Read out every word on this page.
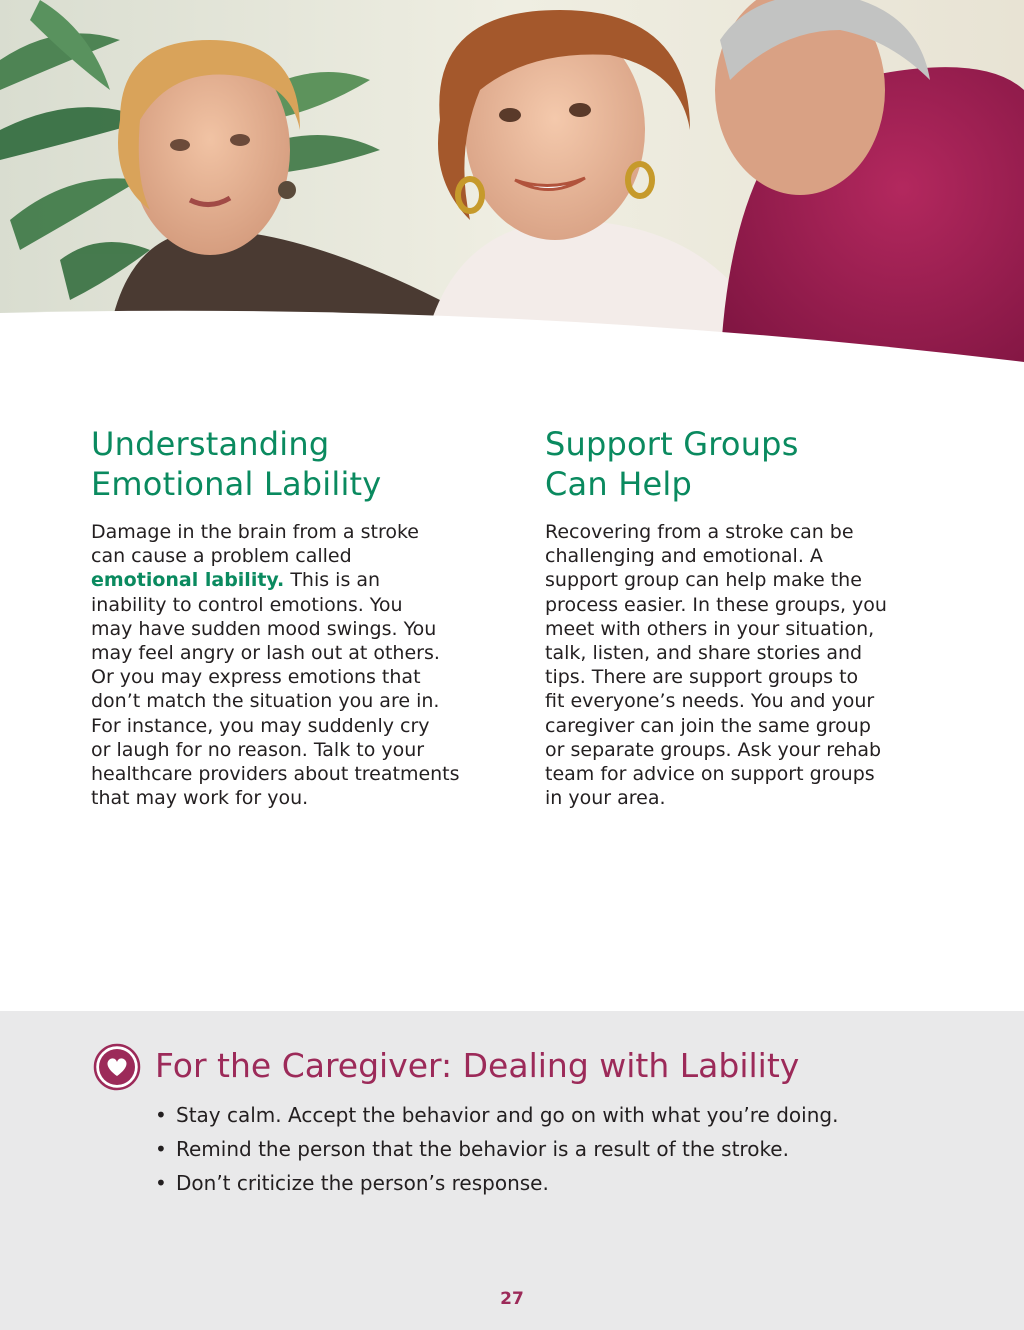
Understanding
Emotional Lability
Damage in the brain from a stroke
can cause a problem called
emotional lability. This is an
inability to control emotions. You
may have sudden mood swings. You
may feel angry or lash out at others.
Or you may express emotions that
don’t match the situation you are in.
For instance, you may suddenly cry
or laugh for no reason. Talk to your
healthcare providers about treatments
that may work for you.
Support Groups
Can Help
Recovering from a stroke can be
challenging and emotional. A
support group can help make the
process easier. In these groups, you
meet with others in your situation,
talk, listen, and share stories and
tips. There are support groups to
fit everyone’s needs. You and your
caregiver can join the same group
or separate groups. Ask your rehab
team for advice on support groups
in your area.
For the Caregiver: Dealing with Lability
• Stay calm. Accept the behavior and go on with what you’re doing.
• Remind the person that the behavior is a result of the stroke.
• Don’t criticize the person’s response.
27
